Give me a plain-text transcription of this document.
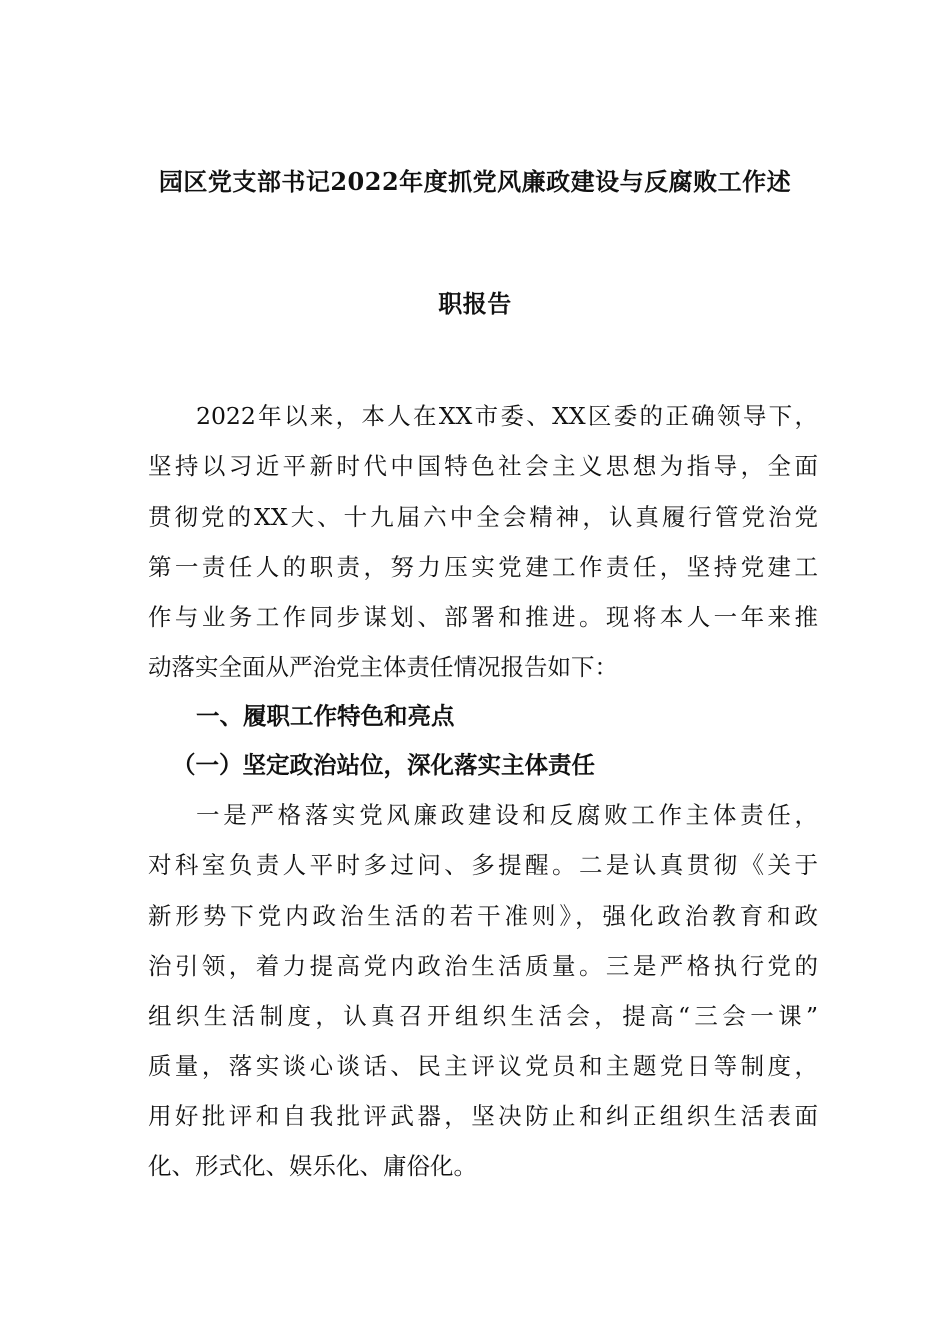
园区党支部书记2022年度抓党风廉政建设与反腐败工作述
职报告
2022年以来，本人在XX市委、XX区委的正确领导下，
坚持以习近平新时代中国特色社会主义思想为指导，全面
贯彻党的XX大、十九届六中全会精神，认真履行管党治党
第一责任人的职责，努力压实党建工作责任，坚持党建工
作与业务工作同步谋划、部署和推进。现将本人一年来推
动落实全面从严治党主体责任情况报告如下：
一、履职工作特色和亮点
（一）坚定政治站位，深化落实主体责任
一是严格落实党风廉政建设和反腐败工作主体责任，
对科室负责人平时多过问、多提醒。二是认真贯彻《关于
新形势下党内政治生活的若干准则》，强化政治教育和政
治引领，着力提高党内政治生活质量。三是严格执行党的
组织生活制度，认真召开组织生活会，提高“三会一课”
质量，落实谈心谈话、民主评议党员和主题党日等制度，
用好批评和自我批评武器，坚决防止和纠正组织生活表面
化、形式化、娱乐化、庸俗化。
